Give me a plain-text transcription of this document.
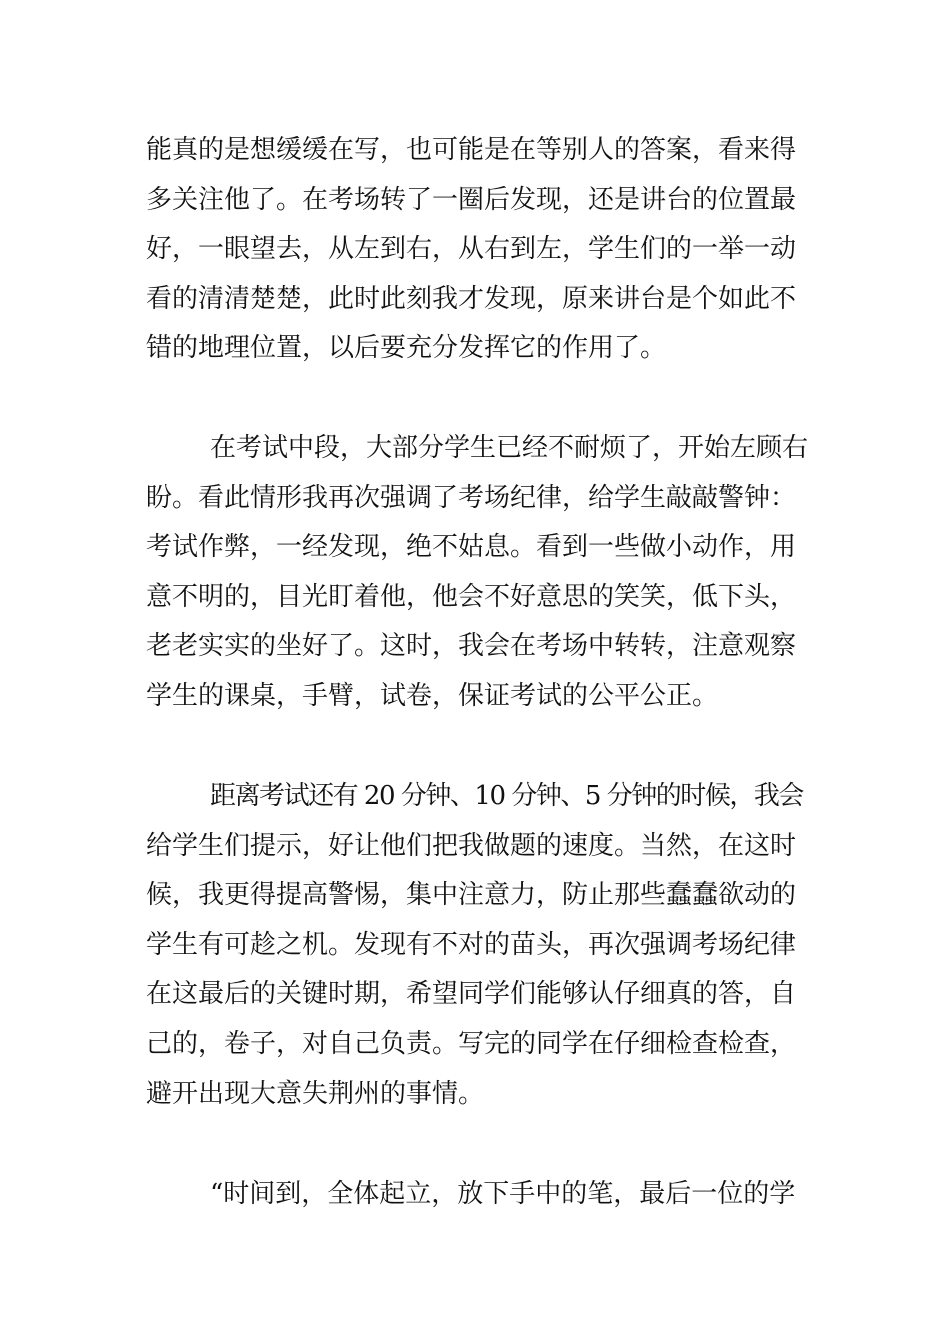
能真的是想缓缓在写，也可能是在等别人的答案，看来得
多关注他了。在考场转了一圈后发现，还是讲台的位置最
好，一眼望去，从左到右，从右到左，学生们的一举一动
看的清清楚楚，此时此刻我才发现，原来讲台是个如此不
错的地理位置，以后要充分发挥它的作用了。

在考试中段，大部分学生已经不耐烦了，开始左顾右
盼。看此情形我再次强调了考场纪律，给学生敲敲警钟：
考试作弊，一经发现，绝不姑息。看到一些做小动作，用
意不明的，目光盯着他，他会不好意思的笑笑，低下头，
老老实实的坐好了。这时，我会在考场中转转，注意观察
学生的课桌，手臂，试卷，保证考试的公平公正。

距离考试还有 20 分钟、10 分钟、5 分钟的时候，我会
给学生们提示，好让他们把我做题的速度。当然，在这时
候，我更得提高警惕，集中注意力，防止那些蠢蠢欲动的
学生有可趁之机。发现有不对的苗头，再次强调考场纪律
在这最后的关键时期，希望同学们能够认仔细真的答，自
己的，卷子，对自己负责。写完的同学在仔细检查检查，
避开出现大意失荆州的事情。

“时间到，全体起立，放下手中的笔，最后一位的学
